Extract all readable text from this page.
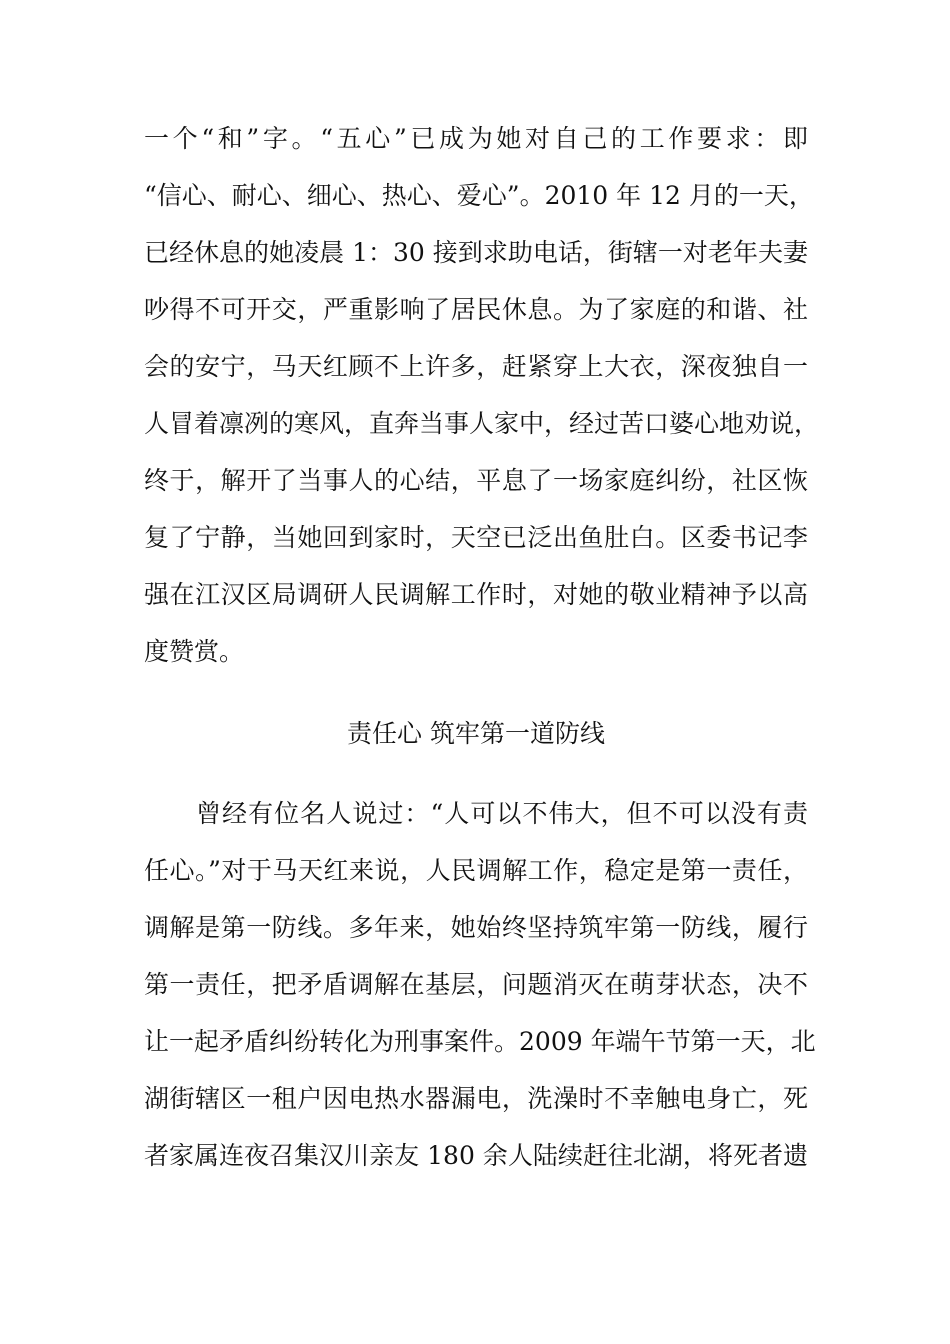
一个“和”字。“五心”已成为她对自己的工作要求：即
“信心、耐心、细心、热心、爱心”。2010 年 12 月的一天，
已经休息的她凌晨 1：30 接到求助电话，街辖一对老年夫妻
吵得不可开交，严重影响了居民休息。为了家庭的和谐、社
会的安宁，马天红顾不上许多，赶紧穿上大衣，深夜独自一
人冒着凛冽的寒风，直奔当事人家中，经过苦口婆心地劝说，
终于，解开了当事人的心结，平息了一场家庭纠纷，社区恢
复了宁静，当她回到家时，天空已泛出鱼肚白。区委书记李
强在江汉区局调研人民调解工作时，对她的敬业精神予以高
度赞赏。
责任心 筑牢第一道防线
曾经有位名人说过：“人可以不伟大，但不可以没有责
任心。”对于马天红来说，人民调解工作，稳定是第一责任，
调解是第一防线。多年来，她始终坚持筑牢第一防线，履行
第一责任，把矛盾调解在基层，问题消灭在萌芽状态，决不
让一起矛盾纠纷转化为刑事案件。2009 年端午节第一天，北
湖街辖区一租户因电热水器漏电，洗澡时不幸触电身亡，死
者家属连夜召集汉川亲友 180 余人陆续赶往北湖，将死者遗
